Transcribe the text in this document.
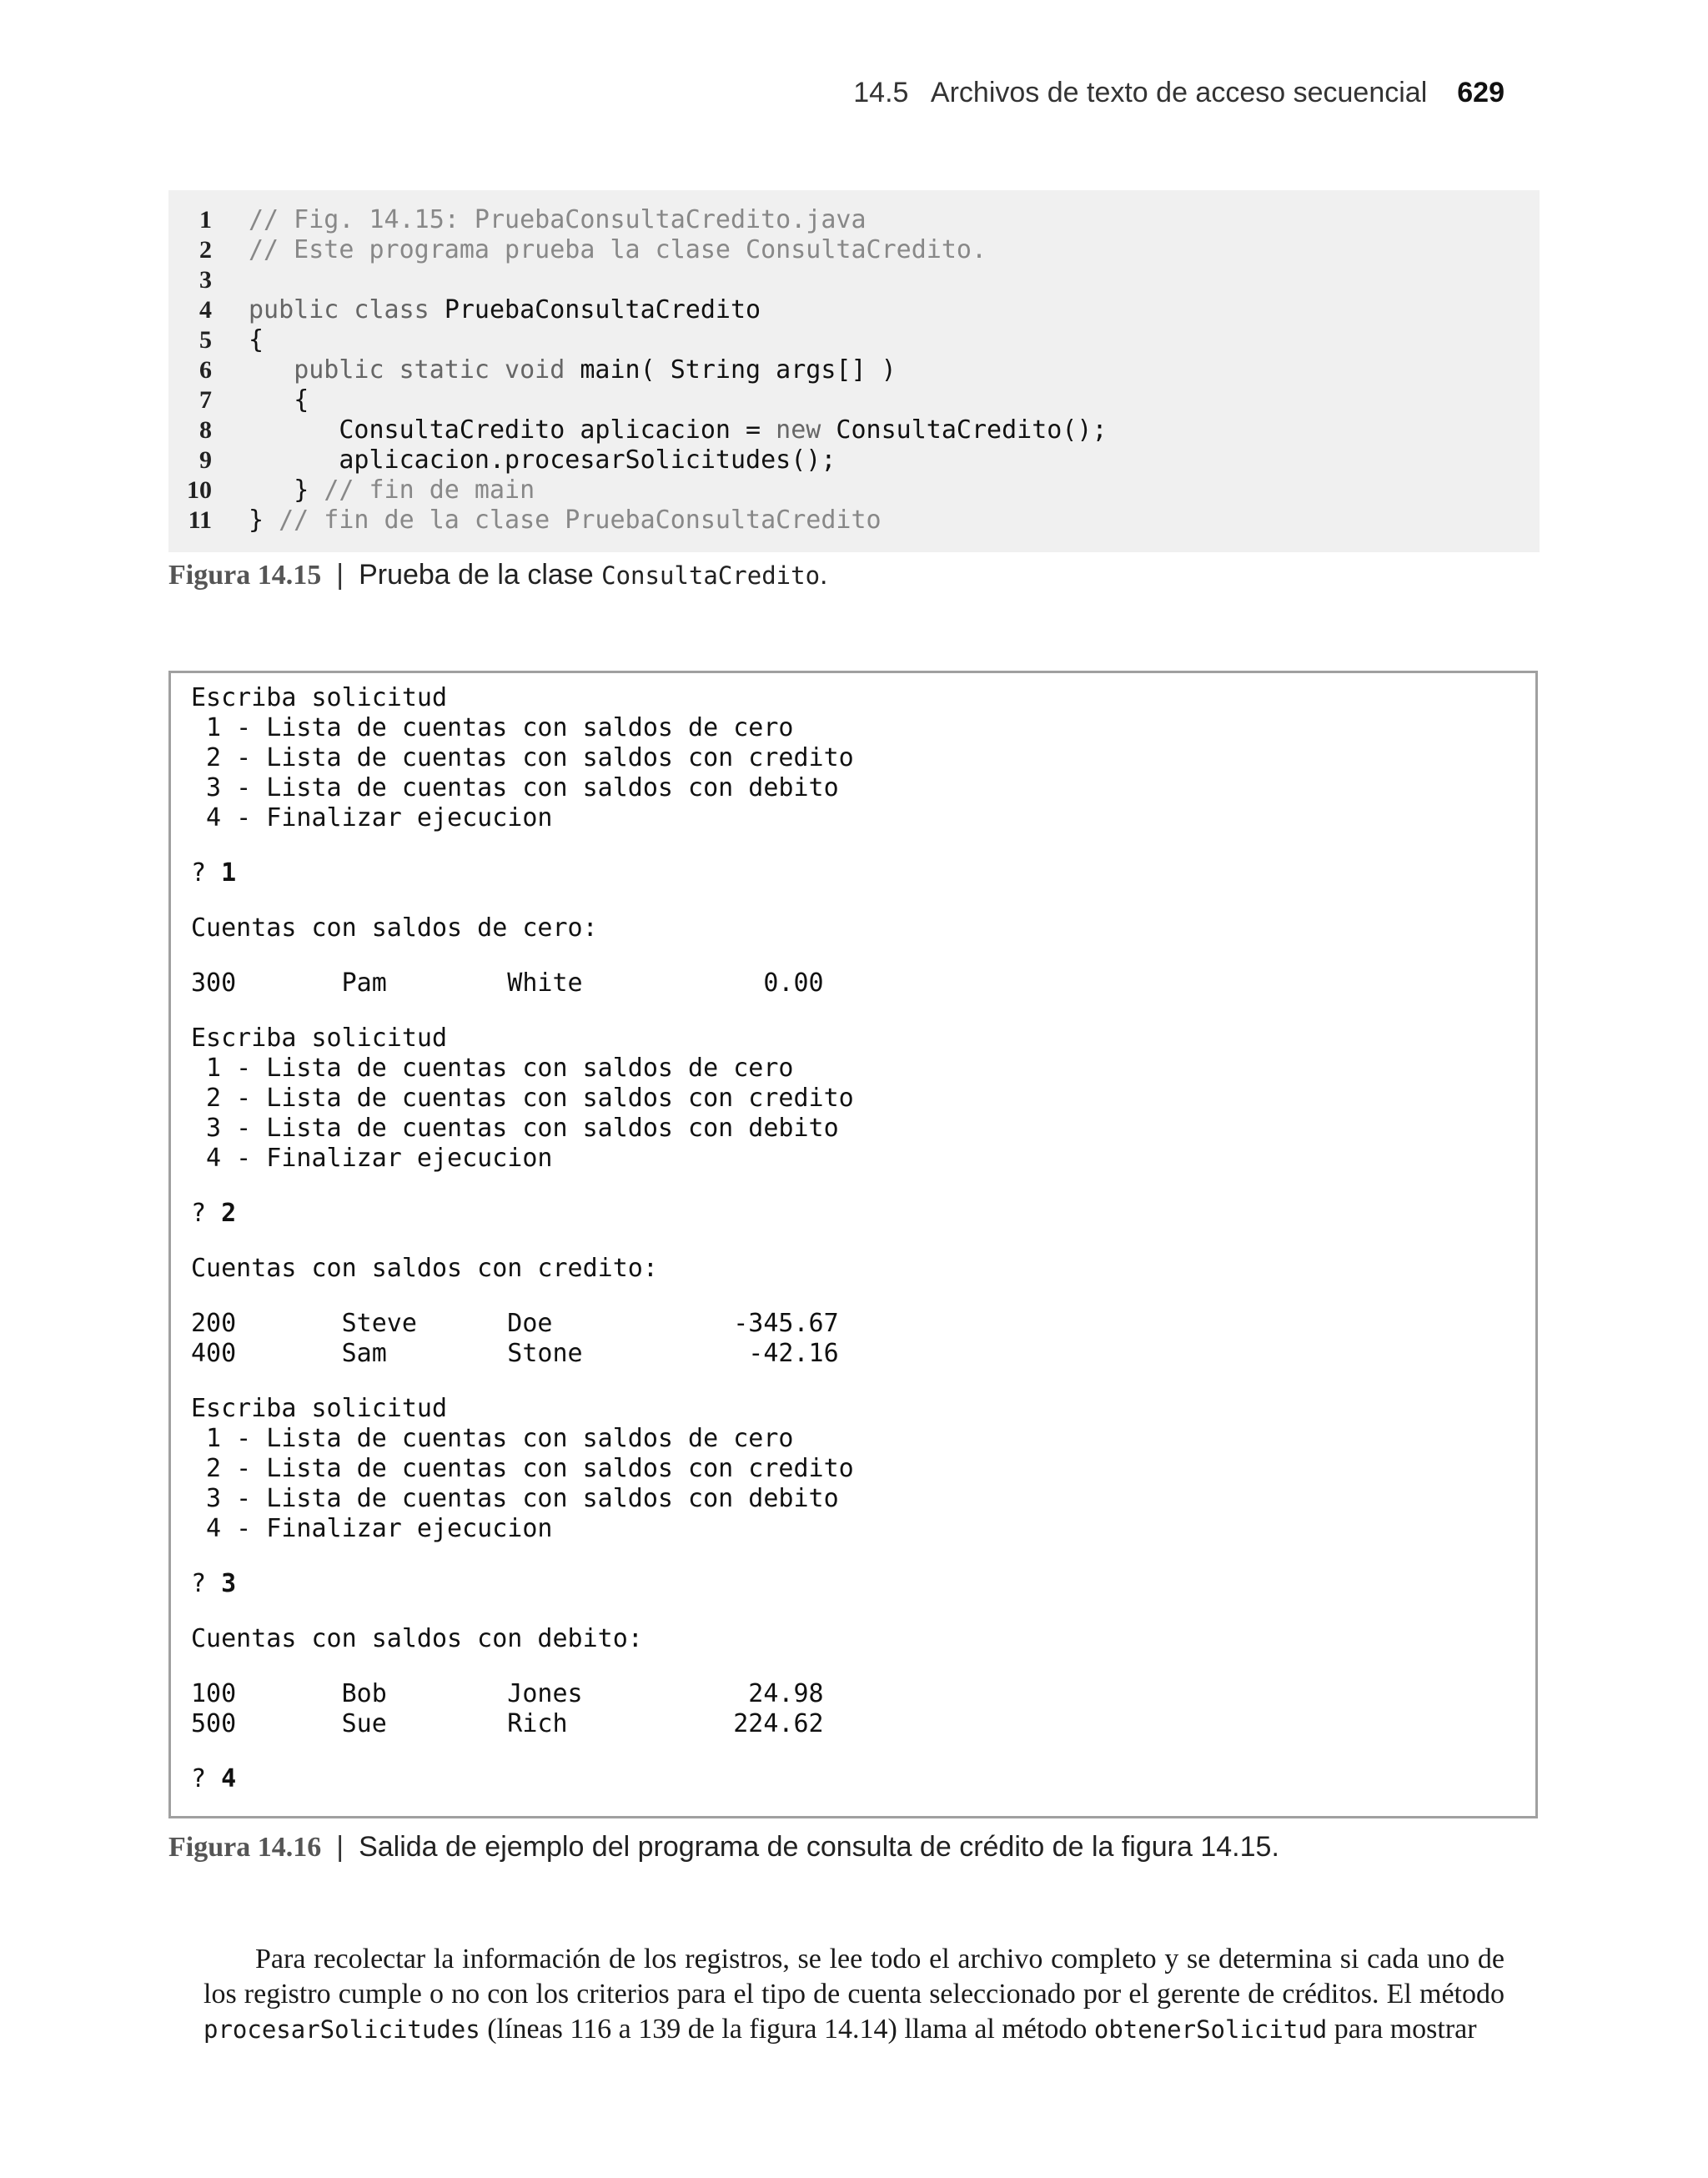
14.5 Archivos de texto de acceso secuencial 629
1 // Fig. 14.15: PruebaConsultaCredito.java
2 // Este programa prueba la clase ConsultaCredito.
3
4 public class PruebaConsultaCredito
5 {
6	public static void main( String args[] )
7	{
8	ConsultaCredito aplicacion = new ConsultaCredito();
9	aplicacion.procesarSolicitudes();
10	} // fin de main
11 } // fin de la clase PruebaConsultaCredito
Figura 14.15 | Prueba de la clase ConsultaCredito.
Escriba solicitud
1 - Lista de cuentas con saldos de cero
2 - Lista de cuentas con saldos con credito
3 - Lista de cuentas con saldos con debito
4 - Finalizar ejecucion
? 1
Cuentas con saldos de cero:
300       Pam        White            0.00
Escriba solicitud
1 - Lista de cuentas con saldos de cero
2 - Lista de cuentas con saldos con credito
3 - Lista de cuentas con saldos con debito
4 - Finalizar ejecucion
? 2
Cuentas con saldos con credito:
200       Steve      Doe            -345.67
400       Sam        Stone           -42.16
Escriba solicitud
1 - Lista de cuentas con saldos de cero
2 - Lista de cuentas con saldos con credito
3 - Lista de cuentas con saldos con debito
4 - Finalizar ejecucion
? 3
Cuentas con saldos con debito:
100       Bob        Jones           24.98
500       Sue        Rich           224.62
? 4
Figura 14.16 | Salida de ejemplo del programa de consulta de crédito de la figura 14.15.
Para recolectar la información de los registros, se lee todo el archivo completo y se determina si cada uno de los registro cumple o no con los criterios para el tipo de cuenta seleccionado por el gerente de créditos. El método procesarSolicitudes (líneas 116 a 139 de la figura 14.14) llama al método obtenerSolicitud para mostrar
